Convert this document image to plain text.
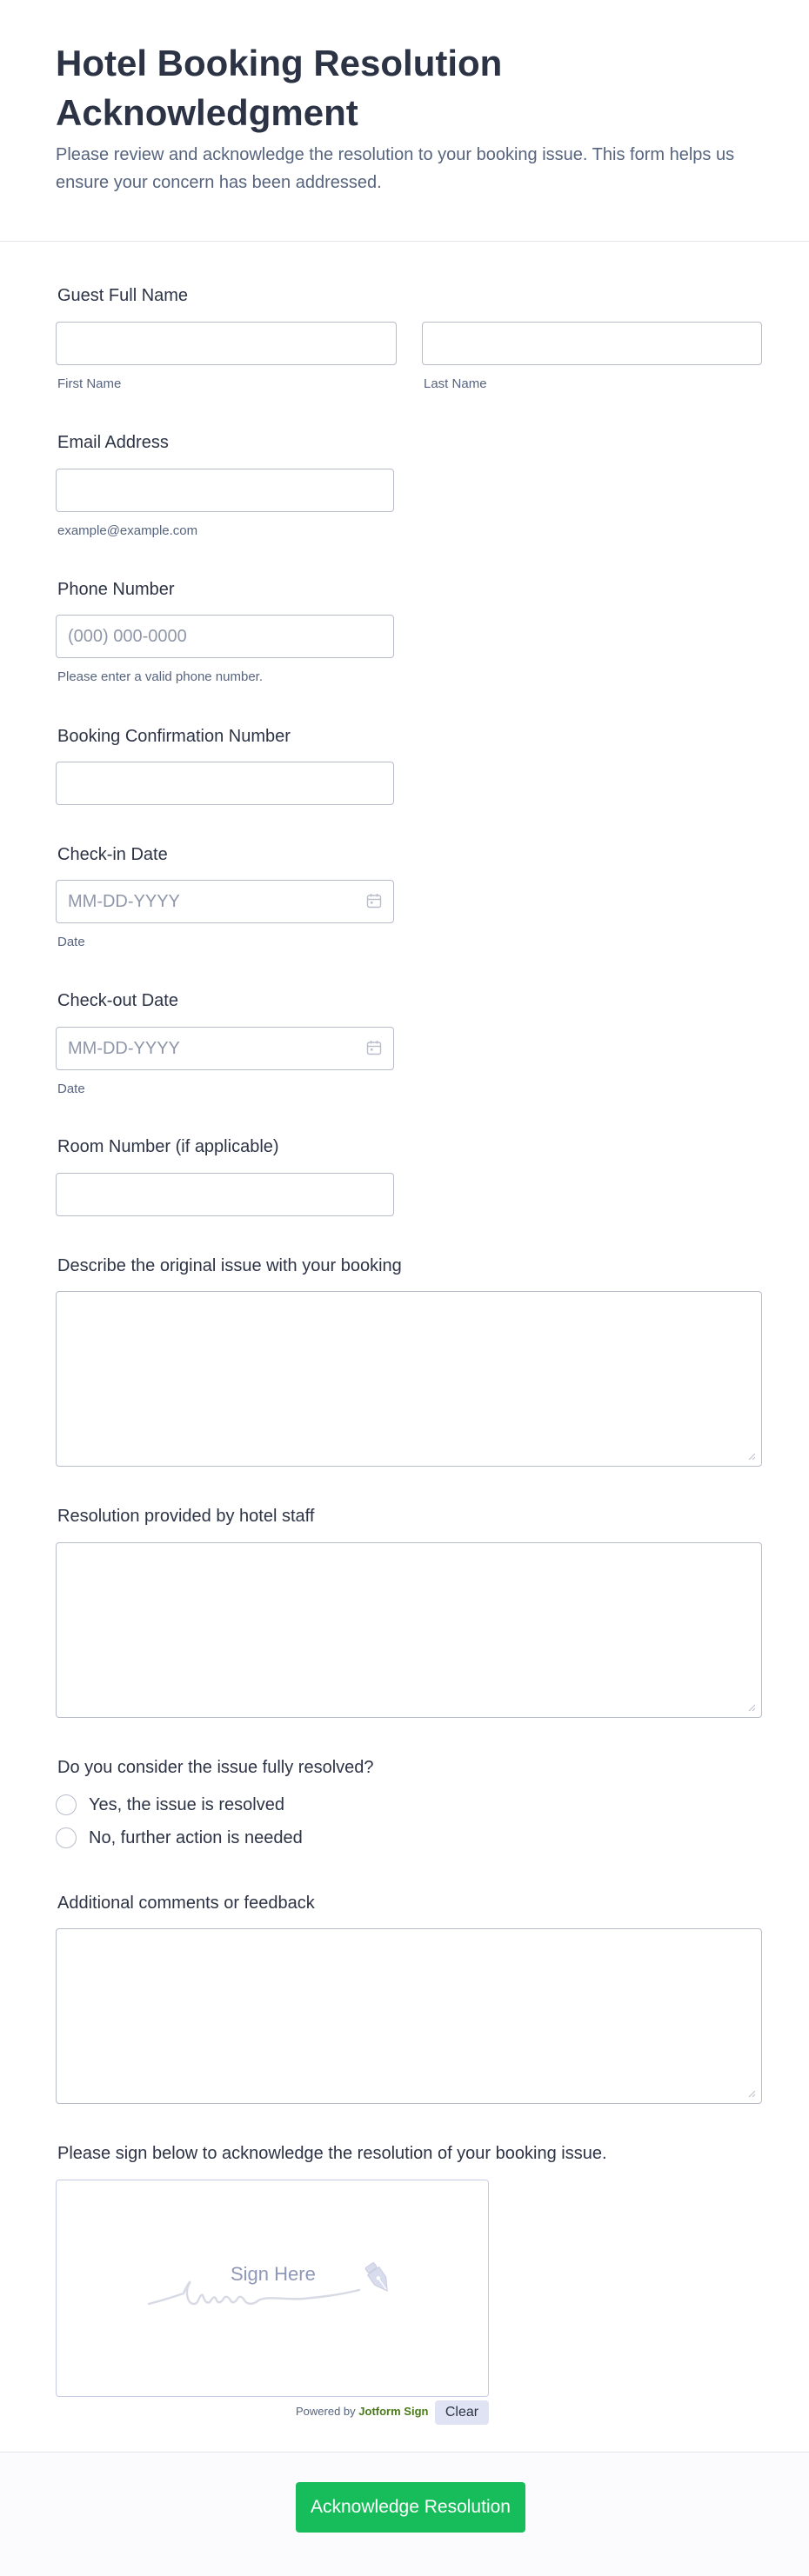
Hotel Booking Resolution Acknowledgment

Please review and acknowledge the resolution to your booking issue. This form helps us ensure your concern has been addressed.

Guest Full Name
First Name	Last Name
Email Address
example@example.com
Phone Number
(000) 000-0000
Please enter a valid phone number.
Booking Confirmation Number
Check-in Date
MM-DD-YYYY
Date
Check-out Date
MM-DD-YYYY
Date
Room Number (if applicable)
Describe the original issue with your booking
Resolution provided by hotel staff
Do you consider the issue fully resolved?
Yes, the issue is resolved
No, further action is needed
Additional comments or feedback
Please sign below to acknowledge the resolution of your booking issue.
Sign Here
Powered by Jotform Sign	Clear
Acknowledge Resolution
